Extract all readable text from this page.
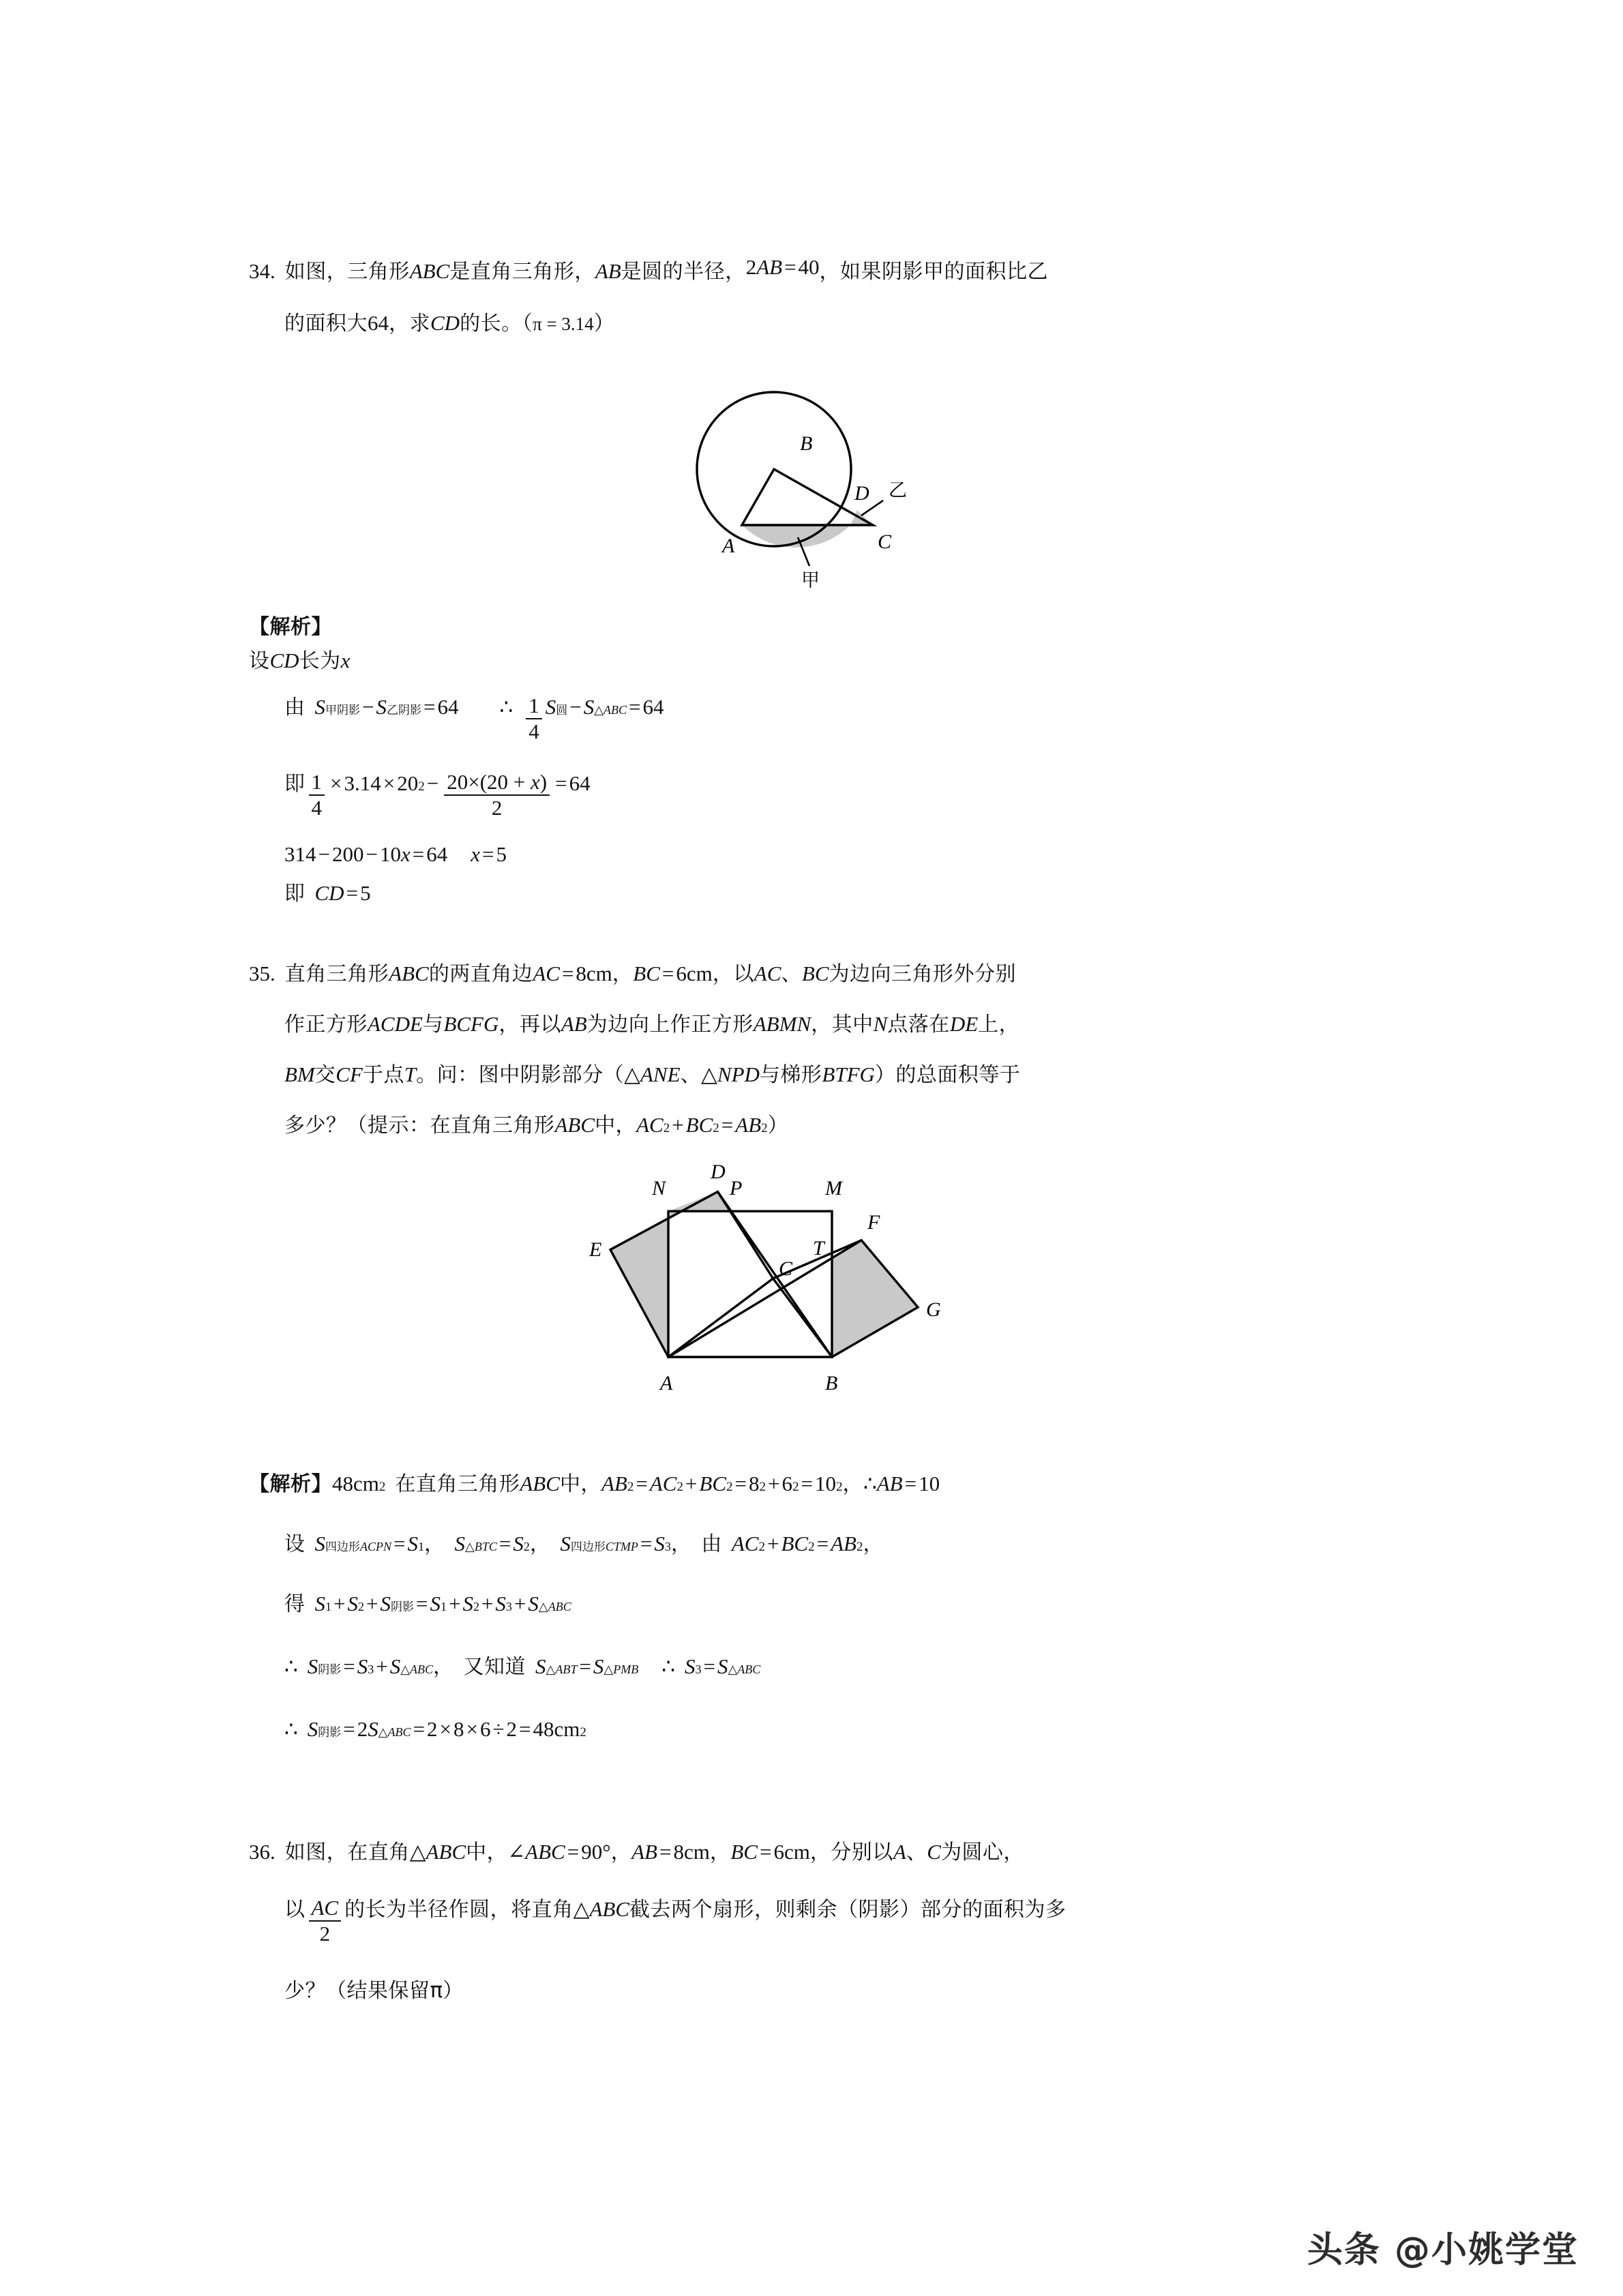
34. 如图，三角形 ABC 是直角三角形， AB 是圆的半径， 2 AB = 40 ，如果阴影甲的面积比乙
的面积大 64 ，求 CD 的长。（ π = 3.14 ）
B
A	C
D 乙
甲
【解析】
设 CD 长为 x
由 S 甲阴影 − S 乙阴影 = 64 ∴ $\frac{1}{4}$ S 圆 − S △ABC = 64
即 $\frac{1}{4} \times 3.14 \times 20$ $2 - \frac{20\times(20 + x)}{2} = 64$
314 − 200 − 10 x = 64 x = 5
即 CD = 5
35. 直角三角形 ABC 的两直角边 AC = 8cm ， BC = 6cm ，以 AC 、 BC 为边向三角形外分别
作正方形 ACDE 与 BCFG ，再以 AB 为边向上作正方形 ABMN ，其中 N 点落在 DE 上，
BM 交 CF 于点 T 。问：图中阴影部分（ △ ANE 、 △ NPD 与梯形 BTFG ）的总面积等于
多少？（提示：在直角三角形 ABC 中， AC 2 + BC 2 = AB 2 ）
A	B
C
D
E
F
G
M
N	P
T
【解析】 48 cm 2 在直角三角形 ABC 中， AB 2 = AC 2 + BC 2 = 8 2 + 6 2 = 10 2 ， ∴ AB = 10
设 S 四边形 ACPN = S 1 ， S △BTC = S 2 ， S 四边形 CTMP = S 3 ， 由 AC 2 + BC 2 = AB 2 ，
得 S 1 + S 2 + S 阴影 = S 1 + S 2 + S 3 + S △ABC
∴ S 阴影 = S 3 + S △ABC ， 又知道 S △ABT = S △PMB ∴ S 3 = S △ABC
∴ S 阴影 = 2 S △ABC = 2 × 8 × 6 ÷ 2 = 48 cm 2
36. 如图，在直角 △ ABC 中， ∠ ABC = 90° ， AB = 8cm ， BC = 6cm ，分别以 A 、 C 为圆心，
以 $\frac{AC}{2}$ 的长为半径作圆，将直角 △ ABC 截去两个扇形，则剩余（阴影）部分的面积为多
少？（结果保留 π ）
头条 @小姚学堂
